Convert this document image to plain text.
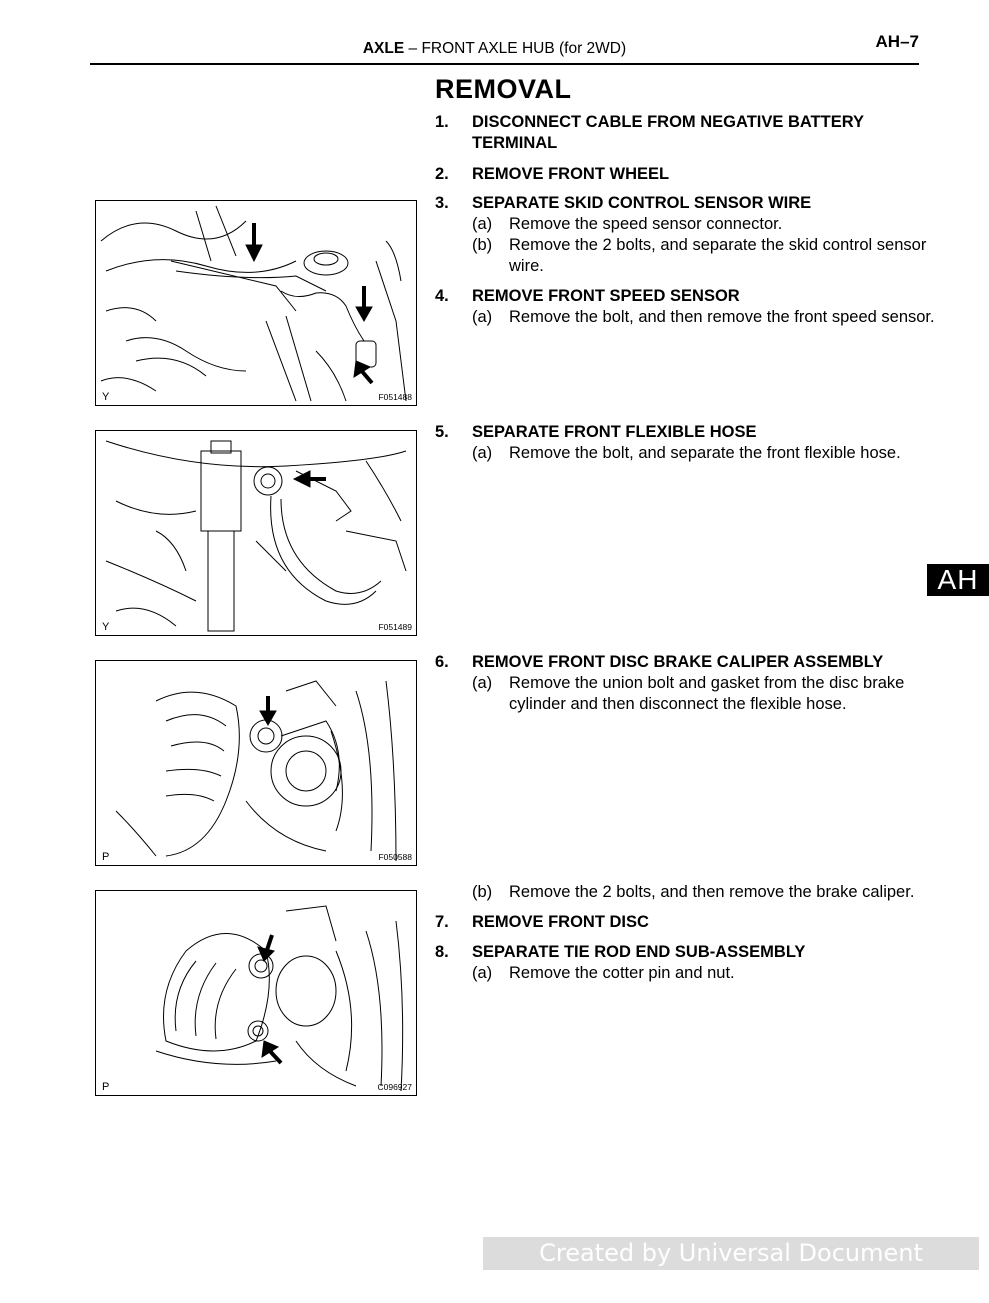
AXLE – FRONT AXLE HUB (for 2WD)	AH–7
REMOVAL
1. DISCONNECT CABLE FROM NEGATIVE BATTERY TERMINAL
2. REMOVE FRONT WHEEL
3. SEPARATE SKID CONTROL SENSOR WIRE
(a) Remove the speed sensor connector.
(b) Remove the 2 bolts, and separate the skid control sensor wire.
4. REMOVE FRONT SPEED SENSOR
(a) Remove the bolt, and then remove the front speed sensor.
5. SEPARATE FRONT FLEXIBLE HOSE
(a) Remove the bolt, and separate the front flexible hose.
6. REMOVE FRONT DISC BRAKE CALIPER ASSEMBLY
(a) Remove the union bolt and gasket from the disc brake cylinder and then disconnect the flexible hose.
(b) Remove the 2 bolts, and then remove the brake caliper.
7. REMOVE FRONT DISC
8. SEPARATE TIE ROD END SUB-ASSEMBLY
(a) Remove the cotter pin and nut.
Y	F051488
Y	F051489
P	F050588
P	C096927
AH
Created by Universal Document Converter
